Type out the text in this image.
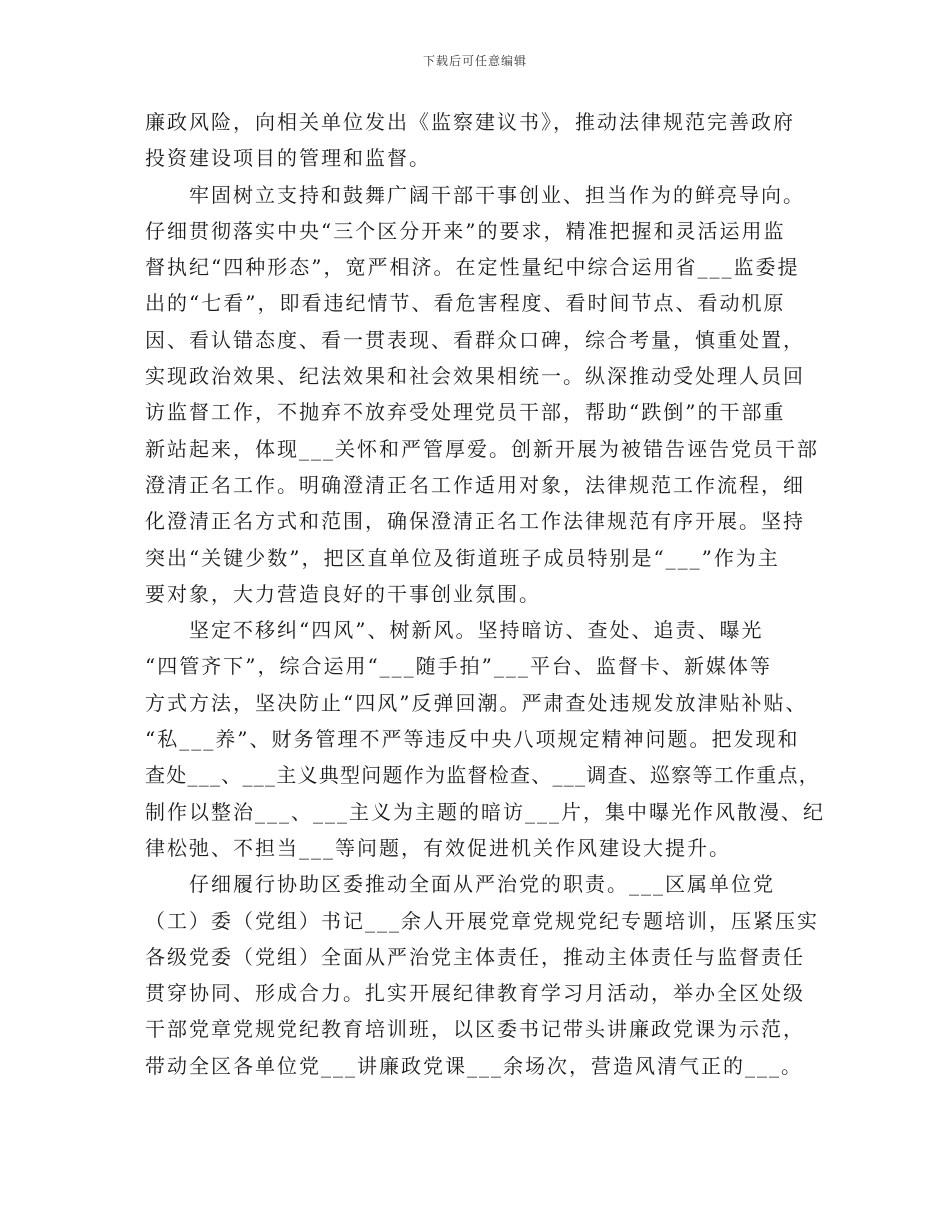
下载后可任意编辑
廉政风险，向相关单位发出《监察建议书》，推动法律规范完善政府
投资建设项目的管理和监督。
牢固树立支持和鼓舞广阔干部干事创业、担当作为的鲜亮导向。
仔细贯彻落实中央“三个区分开来”的要求，精准把握和灵活运用监
督执纪“四种形态”，宽严相济。在定性量纪中综合运用省___监委提
出的“七看”，即看违纪情节、看危害程度、看时间节点、看动机原
因、看认错态度、看一贯表现、看群众口碑，综合考量，慎重处置，
实现政治效果、纪法效果和社会效果相统一。纵深推动受处理人员回
访监督工作，不抛弃不放弃受处理党员干部，帮助“跌倒”的干部重
新站起来，体现___关怀和严管厚爱。创新开展为被错告诬告党员干部
澄清正名工作。明确澄清正名工作适用对象，法律规范工作流程，细
化澄清正名方式和范围，确保澄清正名工作法律规范有序开展。坚持
突出“关键少数”，把区直单位及街道班子成员特别是“___”作为主
要对象，大力营造良好的干事创业氛围。
坚定不移纠“四风”、树新风。坚持暗访、查处、追责、曝光
“四管齐下”，综合运用“___随手拍”___平台、监督卡、新媒体等
方式方法，坚决防止“四风”反弹回潮。严肃查处违规发放津贴补贴、
“私___养”、财务管理不严等违反中央八项规定精神问题。把发现和
查处___、___主义典型问题作为监督检查、___调查、巡察等工作重点，
制作以整治___、___主义为主题的暗访___片，集中曝光作风散漫、纪
律松弛、不担当___等问题，有效促进机关作风建设大提升。
仔细履行协助区委推动全面从严治党的职责。___区属单位党
（工）委（党组）书记___余人开展党章党规党纪专题培训，压紧压实
各级党委（党组）全面从严治党主体责任，推动主体责任与监督责任
贯穿协同、形成合力。扎实开展纪律教育学习月活动，举办全区处级
干部党章党规党纪教育培训班，以区委书记带头讲廉政党课为示范，
带动全区各单位党___讲廉政党课___余场次，营造风清气正的___。
